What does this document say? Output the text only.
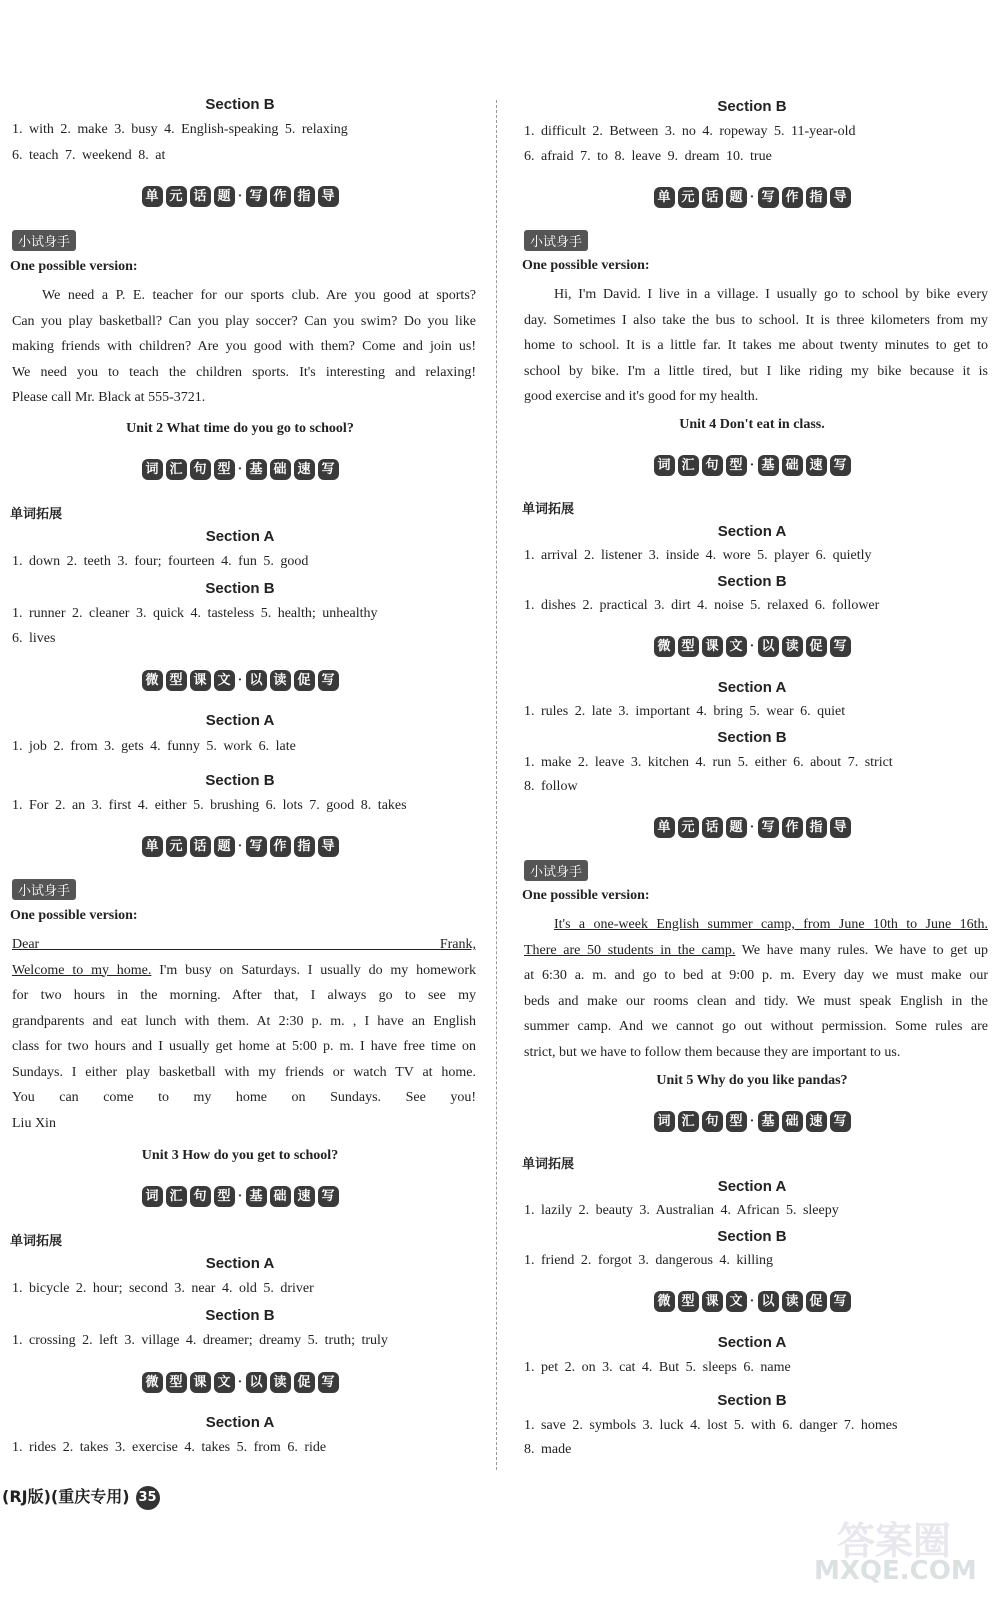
Section B
1. with 2. make 3. busy 4. English-speaking 5. relaxing
6. teach 7. weekend 8. at
单 元 话 题 · 写 作 指 导
小试身手
One possible version:

We need a P. E. teacher for our sports club. Are you good at sports?

Can you play basketball? Can you play soccer? Can you swim? Do you like

making friends with children? Are you good with them? Come and join us!

We need you to teach the children sports. It's interesting and relaxing!

Please call Mr. Black at 555-3721.

Unit 2 What time do you go to school?
词 汇 句 型 · 基 础 速 写
单词拓展
Section A
1. down 2. teeth 3. four; fourteen 4. fun 5. good
Section B
1. runner 2. cleaner 3. quick 4. tasteless 5. health; unhealthy
6. lives
微 型 课 文 · 以 读 促 写
Section A
1. job 2. from 3. gets 4. funny 5. work 6. late
Section B
1. For 2. an 3. first 4. either 5. brushing 6. lots 7. good 8. takes
单 元 话 题 · 写 作 指 导
小试身手
One possible version:

Dear Frank,

Welcome to my home. I'm busy on Saturdays. I usually do my homework

for two hours in the morning. After that, I always go to see my

grandparents and eat lunch with them. At 2:30 p. m. , I have an English

class for two hours and I usually get home at 5:00 p. m. I have free time on

Sundays. I either play basketball with my friends or watch TV at home.

You can come to my home on Sundays. See you!

Liu Xin

Unit 3 How do you get to school?
词 汇 句 型 · 基 础 速 写
单词拓展
Section A
1. bicycle 2. hour; second 3. near 4. old 5. driver
Section B
1. crossing 2. left 3. village 4. dreamer; dreamy 5. truth; truly
微 型 课 文 · 以 读 促 写
Section A
1. rides 2. takes 3. exercise 4. takes 5. from 6. ride
Section B
1. difficult 2. Between 3. no 4. ropeway 5. 11-year-old
6. afraid 7. to 8. leave 9. dream 10. true
单 元 话 题 · 写 作 指 导
小试身手
One possible version:

Hi, I'm David. I live in a village. I usually go to school by bike every

day. Sometimes I also take the bus to school. It is three kilometers from my

home to school. It is a little far. It takes me about twenty minutes to get to

school by bike. I'm a little tired, but I like riding my bike because it is

good exercise and it's good for my health.

Unit 4 Don't eat in class.
词 汇 句 型 · 基 础 速 写
单词拓展
Section A
1. arrival 2. listener 3. inside 4. wore 5. player 6. quietly
Section B
1. dishes 2. practical 3. dirt 4. noise 5. relaxed 6. follower
微 型 课 文 · 以 读 促 写
Section A
1. rules 2. late 3. important 4. bring 5. wear 6. quiet
Section B
1. make 2. leave 3. kitchen 4. run 5. either 6. about 7. strict
8. follow
单 元 话 题 · 写 作 指 导
小试身手
One possible version:

It's a one-week English summer camp, from June 10th to June 16th.

There are 50 students in the camp. We have many rules. We have to get up

at 6:30 a. m. and go to bed at 9:00 p. m. Every day we must make our

beds and make our rooms clean and tidy. We must speak English in the

summer camp. And we cannot go out without permission. Some rules are

strict, but we have to follow them because they are important to us.

Unit 5 Why do you like pandas?
词 汇 句 型 · 基 础 速 写
单词拓展
Section A
1. lazily 2. beauty 3. Australian 4. African 5. sleepy
Section B
1. friend 2. forgot 3. dangerous 4. killing
微 型 课 文 · 以 读 促 写
Section A
1. pet 2. on 3. cat 4. But 5. sleeps 6. name
Section B
1. save 2. symbols 3. luck 4. lost 5. with 6. danger 7. homes
8. made
(RJ版)(重庆专用) 35
答案圈
MXQE.COM
